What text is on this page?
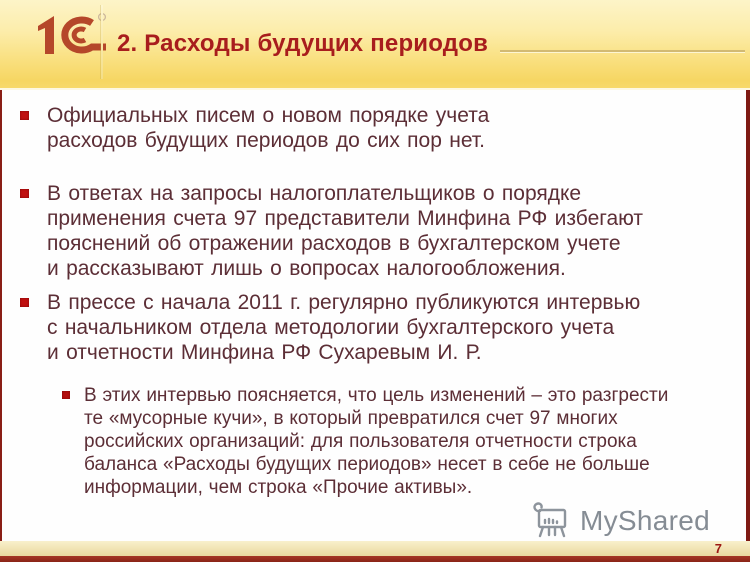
2. Расходы будущих периодов

Официальных писем о новом порядке учета
расходов будущих периодов до сих пор нет.

В ответах на запросы налогоплательщиков о порядке
применения счета 97 представители Минфина РФ избегают
пояснений об отражении расходов в бухгалтерском учете
и рассказывают лишь о вопросах налогообложения.

В прессе с начала 2011 г. регулярно публикуются интервью
с начальником отдела методологии бухгалтерского учета
и отчетности Минфина РФ Сухаревым И. Р.

В этих интервью поясняется, что цель изменений – это разгрести
те «мусорные кучи», в который превратился счет 97 многих
российских организаций: для пользователя отчетности строка
баланса «Расходы будущих периодов» несет в себе не больше
информации, чем строка «Прочие активы».

MyShared
7
